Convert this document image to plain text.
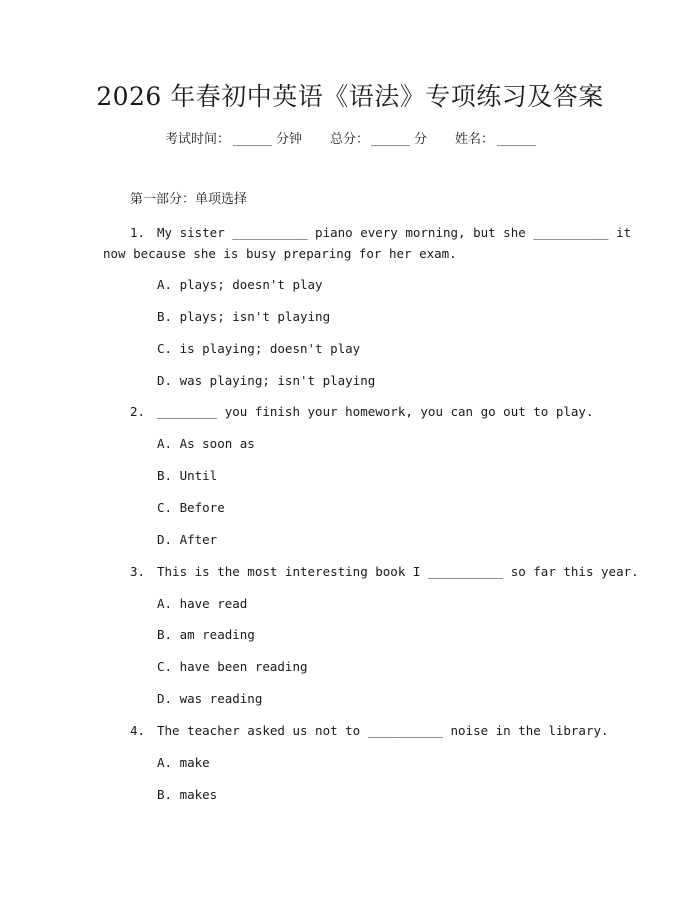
2026 年春初中英语《语法》专项练习及答案
考试时间： ______ 分钟 总分： ______ 分 姓名： ______
第一部分：单项选择
1. My sister __________ piano every morning, but she __________ it
now because she is busy preparing for her exam.
A. plays; doesn't play
B. plays; isn't playing
C. is playing; doesn't play
D. was playing; isn't playing
2. ________ you finish your homework, you can go out to play.
A. As soon as
B. Until
C. Before
D. After
3. This is the most interesting book I __________ so far this year.
A. have read
B. am reading
C. have been reading
D. was reading
4. The teacher asked us not to __________ noise in the library.
A. make
B. makes
